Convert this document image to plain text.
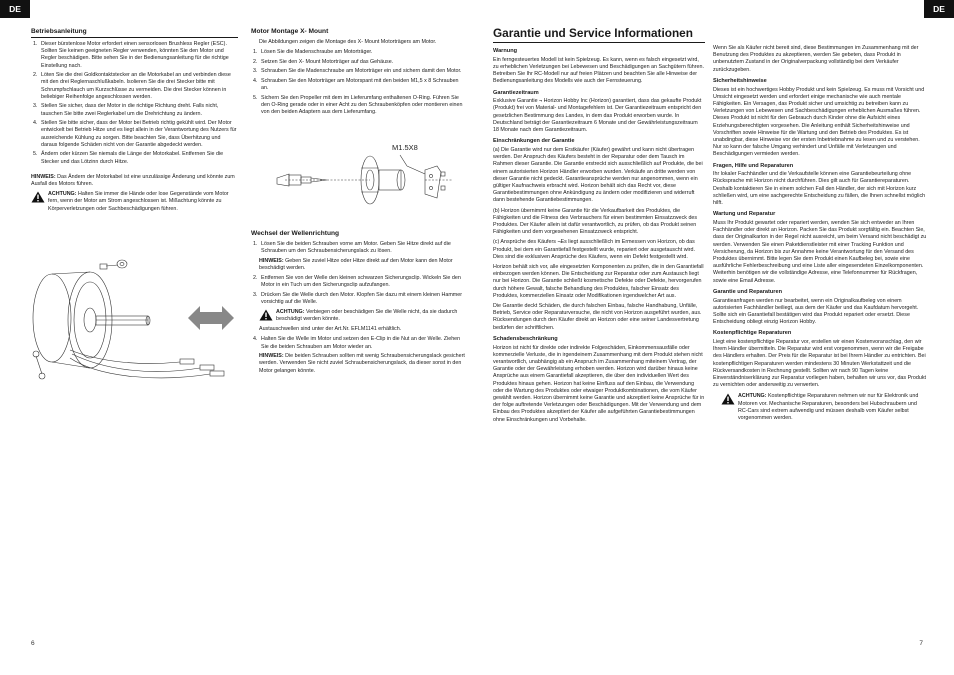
DE	DE
Betriebsanleitung
1. Dieser bürstenlose Motor erfordert einen sensorlosen Brushless Regler (ESC). Sollten Sie keinen geeigneten Regler verwenden, könnten Sie den Motor und Regler beschädigen. Bitte sehen Sie in der Bedienungsanleitung für die richtige Einstellung nach.
2. Löten Sie die drei Goldkontaktstecker an die Motorkabel an und verbinden diese mit den drei Reglernaschlußkabeln. Isolieren Sie die drei Stecker bitte mit Schrumpfschlauch um Kurzschlüsse zu vermeiden. Die drei Stecker können in beliebiger Reihenfolge angeschlossen werden.
3. Stellen Sie sicher, dass der Motor in die richtige Richtung dreht. Falls nicht, tauschen Sie bitte zwei Reglerkabel um die Drehrichtung zu ändern.
4. Stellen Sie bitte sicher, dass der Motor bei Betrieb richtig gekühlt wird. Der Motor entwickelt bei Betrieb Hitze und es liegt allein in der Verantwortung des Nutzers für ausreichende Kühlung zu sorgen. Bitte beachten Sie, dass Überhitzung und daraus folgende Schäden nicht von der Garantie abgedeckt werden.
5. Ändern oder kürzen Sie niemals die Länge der Motorkabel. Entfernen Sie die Stecker und das Lötzinn durch Hitze.

HINWEIS: Das Ändern der Motorkabel ist eine unzulässige Änderung und könnte zum Ausfall des Motors führen.

ACHTUNG: Halten Sie immer die Hände oder lose Gegenstände vom Motor fern, wenn der Motor am Strom angeschlossen ist. Mißachtung könnte zu Körperverletzungen oder Sachbeschädigungen führen.
Motor Montage X- Mount

Die Abbildungen zeigen die Montage des X- Mount Motorträgers am Motor.

1. Lösen Sie die Madenschraube am Motorträger.
2. Setzen Sie den X- Mount Motorträger auf das Gehäuse.
3. Schrauben Sie die Madenschraube am Motorträger ein und sichern damit den Motor.
4. Schrauben Sie den Motorträger am Motorspant mit den beiden M1,5 x 8 Schrauben an.
5. Sichern Sie den Propeller mit dem im Lieferumfang enthaltenen O-Ring. Führen Sie den O-Ring gerade oder in einer Acht zu den Schraubenköpfen oder montieren einen von den beiden Adaptern aus dem Lieferumfang.
M1.5X8
Wechsel der Wellenrichtung
1. Lösen Sie die beiden Schrauben vorne am Motor. Geben Sie Hitze direkt auf die Schrauben um den Schraubensicherungslack zu lösen.

HINWEIS: Geben Sie zuviel Hitze oder Hitze direkt auf den Motor kann den Motor beschädigt werden.

2. Entfernen Sie von der Welle den kleinen schwarzen Sicherungsclip. Wickeln Sie den Motor in ein Tuch um den Sicherungsclip aufzufangen.
3. Drücken Sie die Welle durch den Motor. Klopfen Sie dazu mit einem kleinen Hammer vorsichtig auf die Welle.
ACHTUNG: Verbiegen oder beschädigen Sie die Welle nicht, da sie dadurch beschädigt werden könnte.

Austauschwellen sind unter der Art.Nr. EFLM1141 erhältlich.

4. Halten Sie die Welle im Motor und setzen den E-Clip in die Nut an der Welle. Ziehen Sie die beiden Schrauben am Motor wieder an.

HINWEIS: Die beiden Schrauben sollten mit wenig Schraubensicherungslack gesichert werden. Verwenden Sie nicht zuviel Schraubensicherungslack, da dieser sonst in den Motor gelangen könnte.

Garantie und Service Informationen
Warnung

Ein ferngesteuertes Modell ist kein Spielzeug. Es kann, wenn es falsch eingesetzt wird, zu erheblichen Verletzungen bei Lebewesen und Beschädigungen an Sachgütern führen. Betreiben Sie Ihr RC-Modell nur auf freien Plätzen und beachten Sie alle Hinweise der Bedienungsanleitung des Modells wie auch der Fernsteuerung.

Garantiezeitraum

Exklusive Garantie ¬ Horizon Hobby Inc (Horizon) garantiert, dass das gekaufte Produkt (Produkt) frei von Material- und Montagefehlern ist. Der Garantiezeitraum entspricht den gesetzlichen Bestimmung des Landes, in dem das Produkt erworben wurde. In Deutschland beträgt der Garantiezeitraum 6 Monate und der Gewährleistungszeitraum 18 Monate nach dem Garantiezeitraum.

Einschränkungen der Garantie

(a) Die Garantie wird nur dem Erstkäufer (Käufer) gewährt und kann nicht übertragen werden. Der Anspruch des Käufers besteht in der Reparatur oder dem Tausch im Rahmen dieser Garantie. Die Garantie erstreckt sich ausschließlich auf Produkte, die bei einem autorisierten Horizon Händler erworben wurden. Verkäufe an dritte werden von dieser Garantie nicht gedeckt. Garantieansprüche werden nur angenommen, wenn ein gültiger Kaufnachweis erbracht wird. Horizon behält sich das Recht vor, diese Garantiebestimmungen ohne Ankündigung zu ändern oder modifizieren und widerruft dann bestehende Garantiebestimmungen.

(b) Horizon übernimmt keine Garantie für die Verkaufbarkeit des Produktes, die Fähigkeiten und die Fitness des Verbrauchers für einen bestimmten Einsatzzweck des Produktes. Der Käufer allein ist dafür verantwortlich, zu prüfen, ob das Produkt seinen Fähigkeiten und dem vorgesehenen Einsatzzweck entspricht.

(c) Ansprüche des Käufers ¬Es liegt ausschließlich im Ermessen von Horizon, ob das Produkt, bei dem ein Garantiefall festgestellt wurde, repariert oder ausgetauscht wird. Dies sind die exklusiven Ansprüche des Käufers, wenn ein Defekt festgestellt wird.

Horizon behält sich vor, alle eingesetzten Komponenten zu prüfen, die in den Garantiefall einbezogen werden können. Die Entscheidung zur Reparatur oder zum Austausch liegt nur bei Horizon. Die Garantie schließt kosmetische Defekte oder Defekte, hervorgerufen durch höhere Gewalt, falsche Behandlung des Produktes, falscher Einsatz des Produktes, kommerziellen Einsatz oder Modifikationen irgendwelcher Art aus.

Die Garantie deckt Schäden, die durch falschen Einbau, falsche Handhabung, Unfälle, Betrieb, Service oder Reparaturversuche, die nicht von Horizon ausgeführt wurden, aus. Rücksendungen durch den Käufer direkt an Horizon oder eine seiner Landesvertretung bedürfen der schriftlichen.

Schadensbeschränkung

Horizon ist nicht für direkte oder indirekte Folgeschäden, Einkommensausfälle oder kommerzielle Verluste, die in irgendeinem Zusammenhang mit dem Produkt stehen nicht verantwortlich, unabhängig ab ein Anspruch im Zusammenhang miteinem Vertrag, der Garantie oder der Gewährleistung erhoben werden. Horizon wird darüber hinaus keine Ansprüche aus einem Garantiefall akzeptieren, die über den individuellen Wert des Produktes hinaus gehen. Horizon hat keine Einfluss auf den Einbau, die Verwendung oder die Wartung des Produktes oder etwaiger Produktkombinationen, die vom Käufer gewählt werden. Horizon übernimmt keine Garantie und akzeptiert keine Ansprüche für in der folge auftretende Verletzungen oder Beschädigungen. Mit der Verwendung und dem Einbau des Produktes akzeptiert der Käufer alle aufgeführten Garantiebestimmungen ohne Einschränkungen und Vorbehalte.

Wenn Sie als Käufer nicht bereit sind, diese Bestimmungen im Zusammenhang mit der Benutzung des Produktes zu akzeptieren, werden Sie gebeten, dass Produkt in unbenutztem Zustand in der Originalverpackung vollständig bei dem Verkäufer zurückzugeben.

Sicherheitshinweise

Dieses ist ein hochwertiges Hobby Produkt und kein Spielzeug. Es muss mit Vorsicht und Umsicht eingesetzt werden und erfordert einige mechanische wie auch mentale Fähigkeiten. Ein Versagen, das Produkt sicher und umsichtig zu betreiben kann zu Verletzungen von Lebewesen und Sachbeschädigungen erheblichen Ausmaßes führen. Dieses Produkt ist nicht für den Gebrauch durch Kinder ohne die Aufsicht eines Erziehungsberechtigten vorgesehen. Die Anleitung enthält Sicherheitshinweise und Vorschriften sowie Hinweise für die Wartung und den Betrieb des Produktes. Es ist unabdingbar, diese Hinweise vor der ersten Inbetriebnahme zu lesen und zu verstehen. Nur so kann der falsche Umgang verhindert und Unfälle mit Verletzungen und Beschädigungen vermieden werden.

Fragen, Hilfe und Reparaturen

Ihr lokaler Fachhändler und die Verkaufstelle können eine Garantiebeurteilung ohne Rücksprache mit Horizon nicht durchführen. Dies gilt auch für Garantiereparaturen. Deshalb kontaktieren Sie in einem solchen Fall den Händler, der sich mit Horizon kurz schließen wird, um eine sachgerechte Entscheidung zu fällen, die Ihnen schnellst möglich hilft.

Wartung und Reparatur

Muss Ihr Produkt gewartet oder repariert werden, wenden Sie sich entweder an Ihren Fachhändler oder direkt an Horizon. Packen Sie das Produkt sorgfältig ein. Beachten Sie, dass der Originalkarton in der Regel nicht ausreicht, um beim Versand nicht beschädigt zu werden. Verwenden Sie einen Paketdienstleister mit einer Tracking Funktion und Versicherung, da Horizon bis zur Annahme keine Verantwortung für den Versand des Produktes übernimmt. Bitte legen Sie dem Produkt einen Kaufbeleg bei, sowie eine ausführliche Fehlerbeschreibung und eine Liste aller eingesendeten Einzelkomponenten. Weiterhin benötigen wir die vollständige Adresse, eine Telefonnummer für Rückfragen, sowie eine Email Adresse.

Garantie und Reparaturen

Garantieanfragen werden nur bearbeitet, wenn ein Originalkaufbeleg von einem autorisierten Fachhändler beiliegt, aus dem der Käufer und das Kaufdatum hervorgeht. Sollte sich ein Garantiefall bestätigen wird das Produkt repariert oder ersetzt. Diese Entscheidung obliegt einzig Horizon Hobby.

Kostenpflichtige Reparaturen

Liegt eine kostenpflichtige Reparatur vor, erstellen wir einen Kostenvoranschlag, den wir Ihrem Händler übermitteln. Die Reparatur wird erst vorgenommen, wenn wir die Freigabe des Händlers erhalten. Der Preis für die Reparatur ist bei Ihrem Händler zu entrichten. Bei kostenpflichtigen Reparaturen werden mindestens 30 Minuten Werkstattzeit und die Rückversandkosten in Rechnung gestellt. Sollten wir nach 90 Tagen keine Einverständniserklärung zur Reparatur vorliegen haben, behalten wir uns vor, das Produkt zu vernichten oder anderweitig zu verwerten.

ACHTUNG: Kostenpflichtige Reparaturen nehmen wir nur für Elektronik und Motoren vor. Mechanische Reparaturen, besonders bei Hubschraubern und RC-Cars sind extrem aufwendig und müssen deshalb vom Käufer selbst vorgenommen werden.
6	7
